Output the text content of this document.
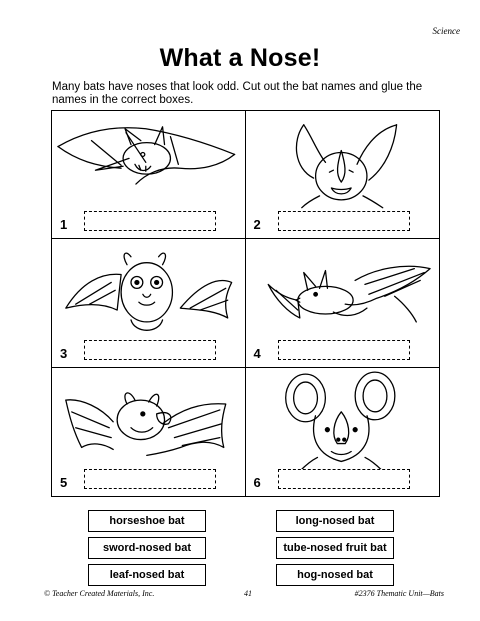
Science
What a Nose!

Many bats have noses that look odd. Cut out the bat names and glue the names in the correct boxes.

1	2
3	4
5	6
horseshoe bat	long-nosed bat
sword-nosed bat	tube-nosed fruit bat
leaf-nosed bat	hog-nosed bat
© Teacher Created Materials, Inc.	41	#2376 Thematic Unit—Bats
